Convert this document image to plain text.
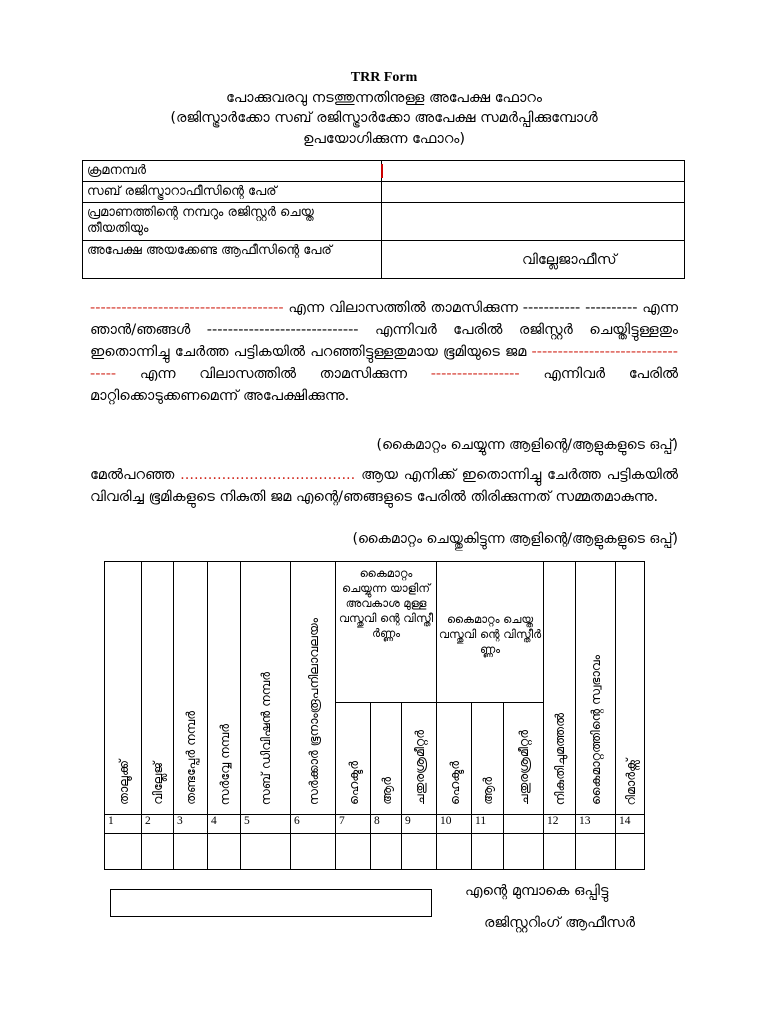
TRR Form
പോക്കുവരവു നടത്തുന്നതിനുള്ള അപേക്ഷ ഫോറം
(രജിസ്ട്രാർക്കോ സബ് രജിസ്ട്രാർക്കോ അപേക്ഷ സമർപ്പിക്കുമ്പോൾ
ഉപയോഗിക്കുന്ന ഫോറം)
ക്രമനമ്പർ	

സബ് രജിസ്ട്രാറാഫീസിന്റെ പേര്	
പ്രമാണത്തിന്റെ നമ്പറും രജിസ്റ്റർ ചെയ്ത തീയതിയും	
അപേക്ഷ അയക്കേണ്ട ആഫീസിന്റെ പേര്	വില്ലേജാഫീസ്
------------------------------------- എന്ന വിലാസത്തിൽ താമസിക്കുന്ന ----------- ---------- എന്ന ഞാൻ/ഞങ്ങൾ ----------------------------- എന്നിവർ പേരിൽ രജിസ്റ്റർ ചെയ്തിട്ടുള്ളതും ഇതൊന്നിച്ചു ചേർത്ത പട്ടികയിൽ പറഞ്ഞിട്ടുള്ളതുമായ ഭൂമിയുടെ ജമ --------------------------------- എന്ന വിലാസത്തിൽ താമസിക്കുന്ന ----------------- എന്നിവർ പേരിൽ മാറ്റിക്കൊടുക്കണമെന്ന് അപേക്ഷിക്കുന്നു.
(കൈമാറ്റം ചെയ്യുന്ന ആളിന്റെ/ആളുകളുടെ ഒപ്പ്)
മേൽപറഞ്ഞ ...................................... ആയ എനിക്ക് ഇതൊന്നിച്ചു ചേർത്ത പട്ടികയിൽ വിവരിച്ച ഭൂമികളുടെ നികുതി ജമ എന്റെ/ഞങ്ങളുടെ പേരിൽ തിരിക്കുന്നത് സമ്മതമാകുന്നു.
(കൈമാറ്റം ചെയ്തുകിട്ടുന്ന ആളിന്റെ/ആളുകളുടെ ഒപ്പ്)
താലൂക്ക്	വില്ലേജ്	തണ്ടപ്പേർ നമ്പർ	സർവ്വേ നമ്പർ	സബ് ഡിവിഷൻ നമ്പർ	സർക്കാർ ഭൂനാംരൂപനിലാവലയം	കൈമാറ്റം ചെയ്യുന്ന യാളിന് അവകാശ മുള്ള വസ്തുവി ന്റെ വിസ്തീ ർണ്ണം			കൈമാറ്റം ചെയ്ത വസ്തുവി ന്റെ വിസ്തീർ ണ്ണം			നികുതിചുമത്തൽ	കൈമാറ്റത്തിന്റെ സ്വഭാവം	റിമാർക്സ്
						ഹെക്ടർ	ആർ	ചതുരശ്രമീറ്റർ	ഹെക്ടർ	ആർ	ചതുരശ്രമീറ്റർ			
1	2	3	4	5	6	7	8	9	10	11		12	13	14

എന്റെ മുമ്പാകെ ഒപ്പിട്ടു
രജിസ്റ്ററിംഗ് ആഫീസർ
